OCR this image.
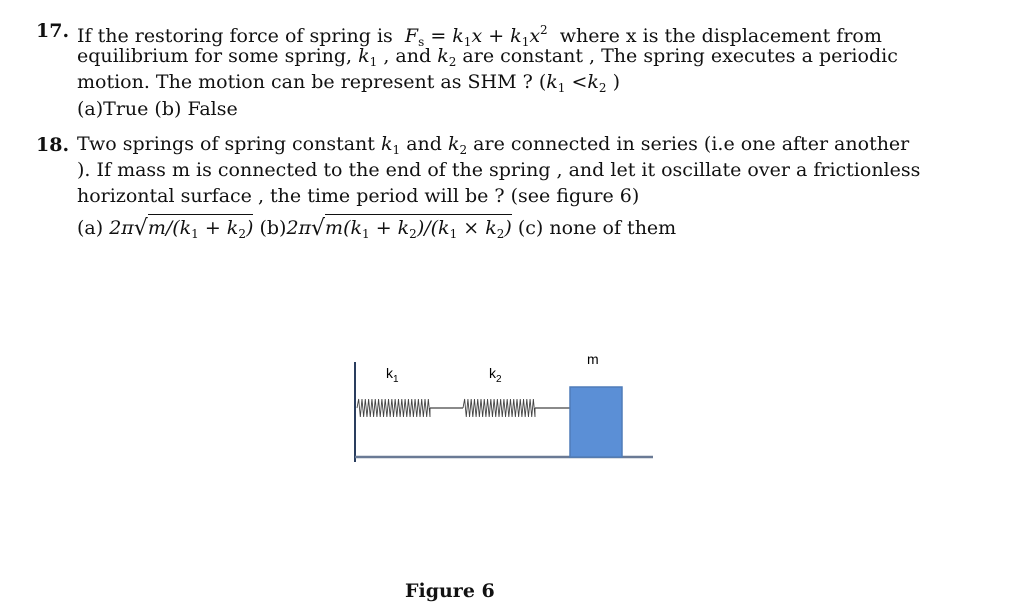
17. If the restoring force of spring is  $F_s = k_1x + k_1x^2$ where x is the displacement from
equilibrium for some spring, $k_1$ , and $k_2$ are constant , The spring executes a periodic
motion. The motion can be represent as SHM ? ($k_1 <k_2$ )
(a)True (b) False
18. Two springs of spring constant $k_1$ and $k_2$ are connected in series (i.e one after another
). If mass m is connected to the end of the spring , and let it oscillate over a frictionless
horizontal surface , the time period will be ? (see figure 6)
(a) $2\pi√m/(k_1 + k_2) (b)2\pi√m(k_1 + k_2)/(k_1 \times k_2)$ (c) none of them
$k_1$	$k_2$
m
Figure 6
